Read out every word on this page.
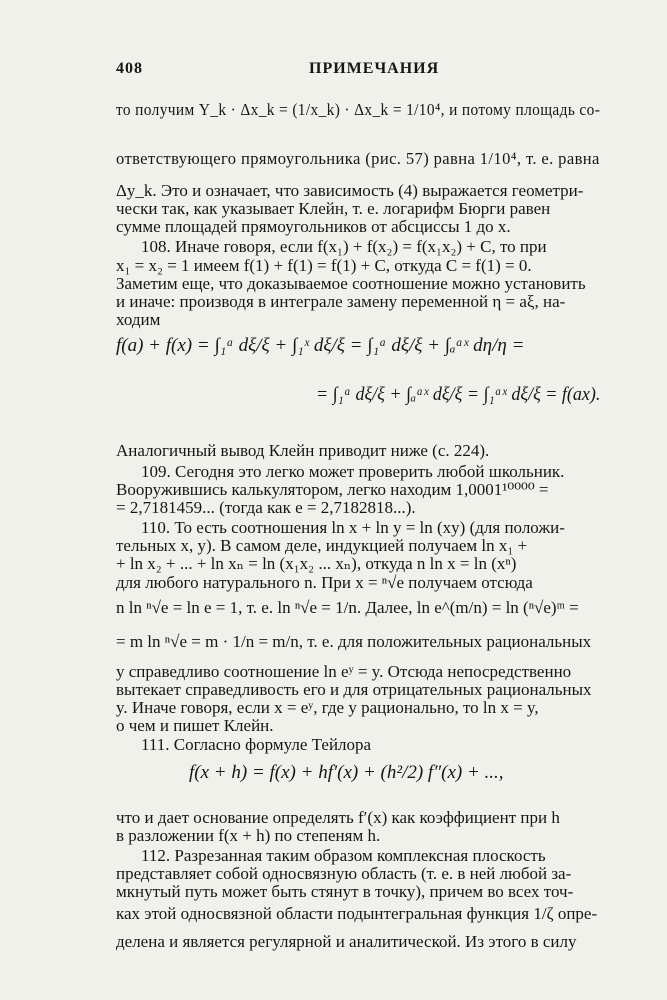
408	ПРИМЕЧАНИЯ
то получим Y_k · Δx_k = (1/x_k) · Δx_k = 1/10⁴, и потому площадь со-
ответствующего прямоугольника (рис. 57) равна 1/10⁴, т. е. равна
Δy_k. Это и означает, что зависимость (4) выражается геометри-
чески так, как указывает Клейн, т. е. логарифм Бюрги равен
сумме площадей прямоугольников от абсциссы 1 до x.
108. Иначе говоря, если f(x₁) + f(x₂) = f(x₁x₂) + C, то при
x₁ = x₂ = 1 имеем f(1) + f(1) = f(1) + C, откуда C = f(1) = 0.
Заметим еще, что доказываемое соотношение можно установить
и иначе: производя в интеграле замену переменной η = aξ, на-
ходим
f(a) + f(x) = ∫₁ᵃ dξ/ξ + ∫₁ˣ dξ/ξ = ∫₁ᵃ dξ/ξ + ∫ₐᵃˣ dη/η =
= ∫₁ᵃ dξ/ξ + ∫ₐᵃˣ dξ/ξ = ∫₁ᵃˣ dξ/ξ = f(ax).
Аналогичный вывод Клейн приводит ниже (с. 224).
109. Сегодня это легко может проверить любой школьник.
Вооружившись калькулятором, легко находим 1,0001¹⁰⁰⁰⁰ =
= 2,7181459... (тогда как e = 2,7182818...).
110. То есть соотношения ln x + ln y = ln (xy) (для положи-
тельных x, y). В самом деле, индукцией получаем ln x₁ +
+ ln x₂ + ... + ln xₙ = ln (x₁x₂ ... xₙ), откуда n ln x = ln (xⁿ)
для любого натурального n. При x = ⁿ√e получаем отсюда
n ln ⁿ√e = ln e = 1, т. е. ln ⁿ√e = 1/n. Далее, ln e^(m/n) = ln (ⁿ√e)ᵐ =
= m ln ⁿ√e = m · 1/n = m/n, т. е. для положительных рациональных
y справедливо соотношение ln eʸ = y. Отсюда непосредственно
вытекает справедливость его и для отрицательных рациональных
y. Иначе говоря, если x = eʸ, где y рационально, то ln x = y,
о чем и пишет Клейн.
111. Согласно формуле Тейлора
f(x + h) = f(x) + hf′(x) + (h²/2) f″(x) + ...,
что и дает основание определять f′(x) как коэффициент при h
в разложении f(x + h) по степеням h.
112. Разрезанная таким образом комплексная плоскость
представляет собой односвязную область (т. е. в ней любой за-
мкнутый путь может быть стянут в точку), причем во всех точ-
ках этой односвязной области подынтегральная функция 1/ζ опре-
делена и является регулярной и аналитической. Из этого в силу
